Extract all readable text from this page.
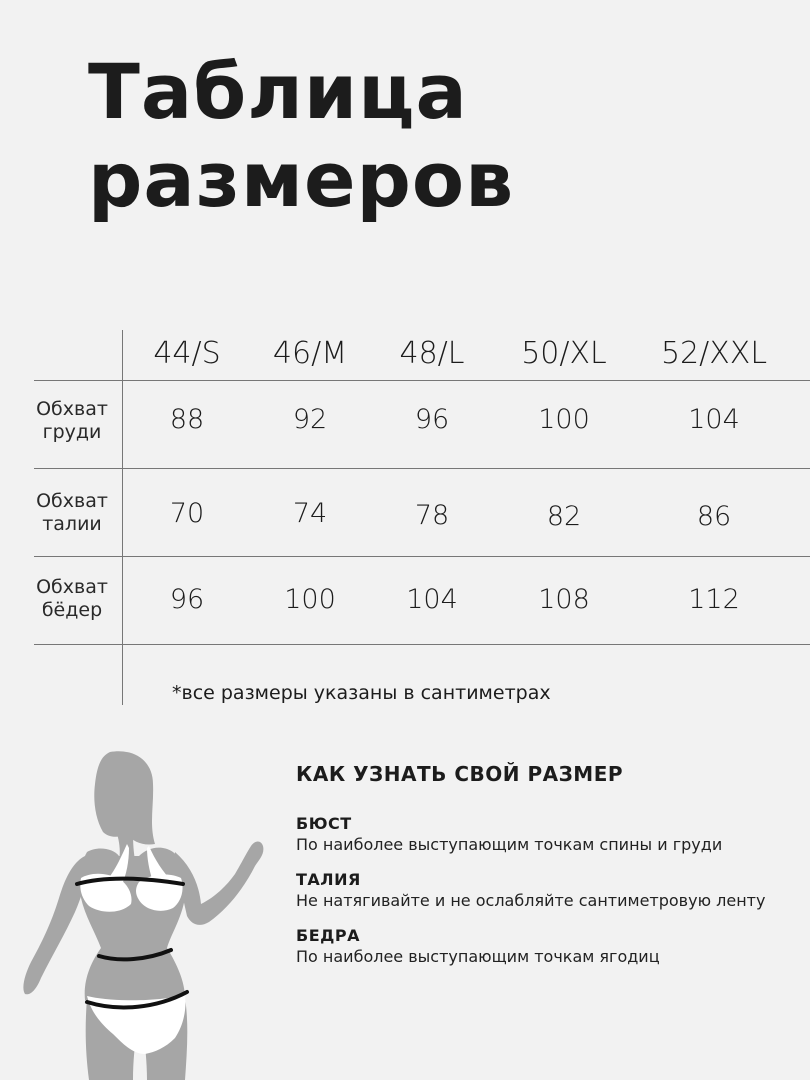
Таблица
размеров
44/S	46/M	48/L	50/XL	52/XXL
Обхват
груди	88	92	96	100	104
Обхват
талии	70	74	78	82	86
Обхват
бёдер	96	100	104	108	112
*все размеры указаны в сантиметрах
КАК УЗНАТЬ СВОЙ РАЗМЕР
БЮСТ
По наиболее выступающим точкам спины и груди
ТАЛИЯ
Не натягивайте и не ослабляйте сантиметровую ленту
БЕДРА
По наиболее выступающим точкам ягодиц
